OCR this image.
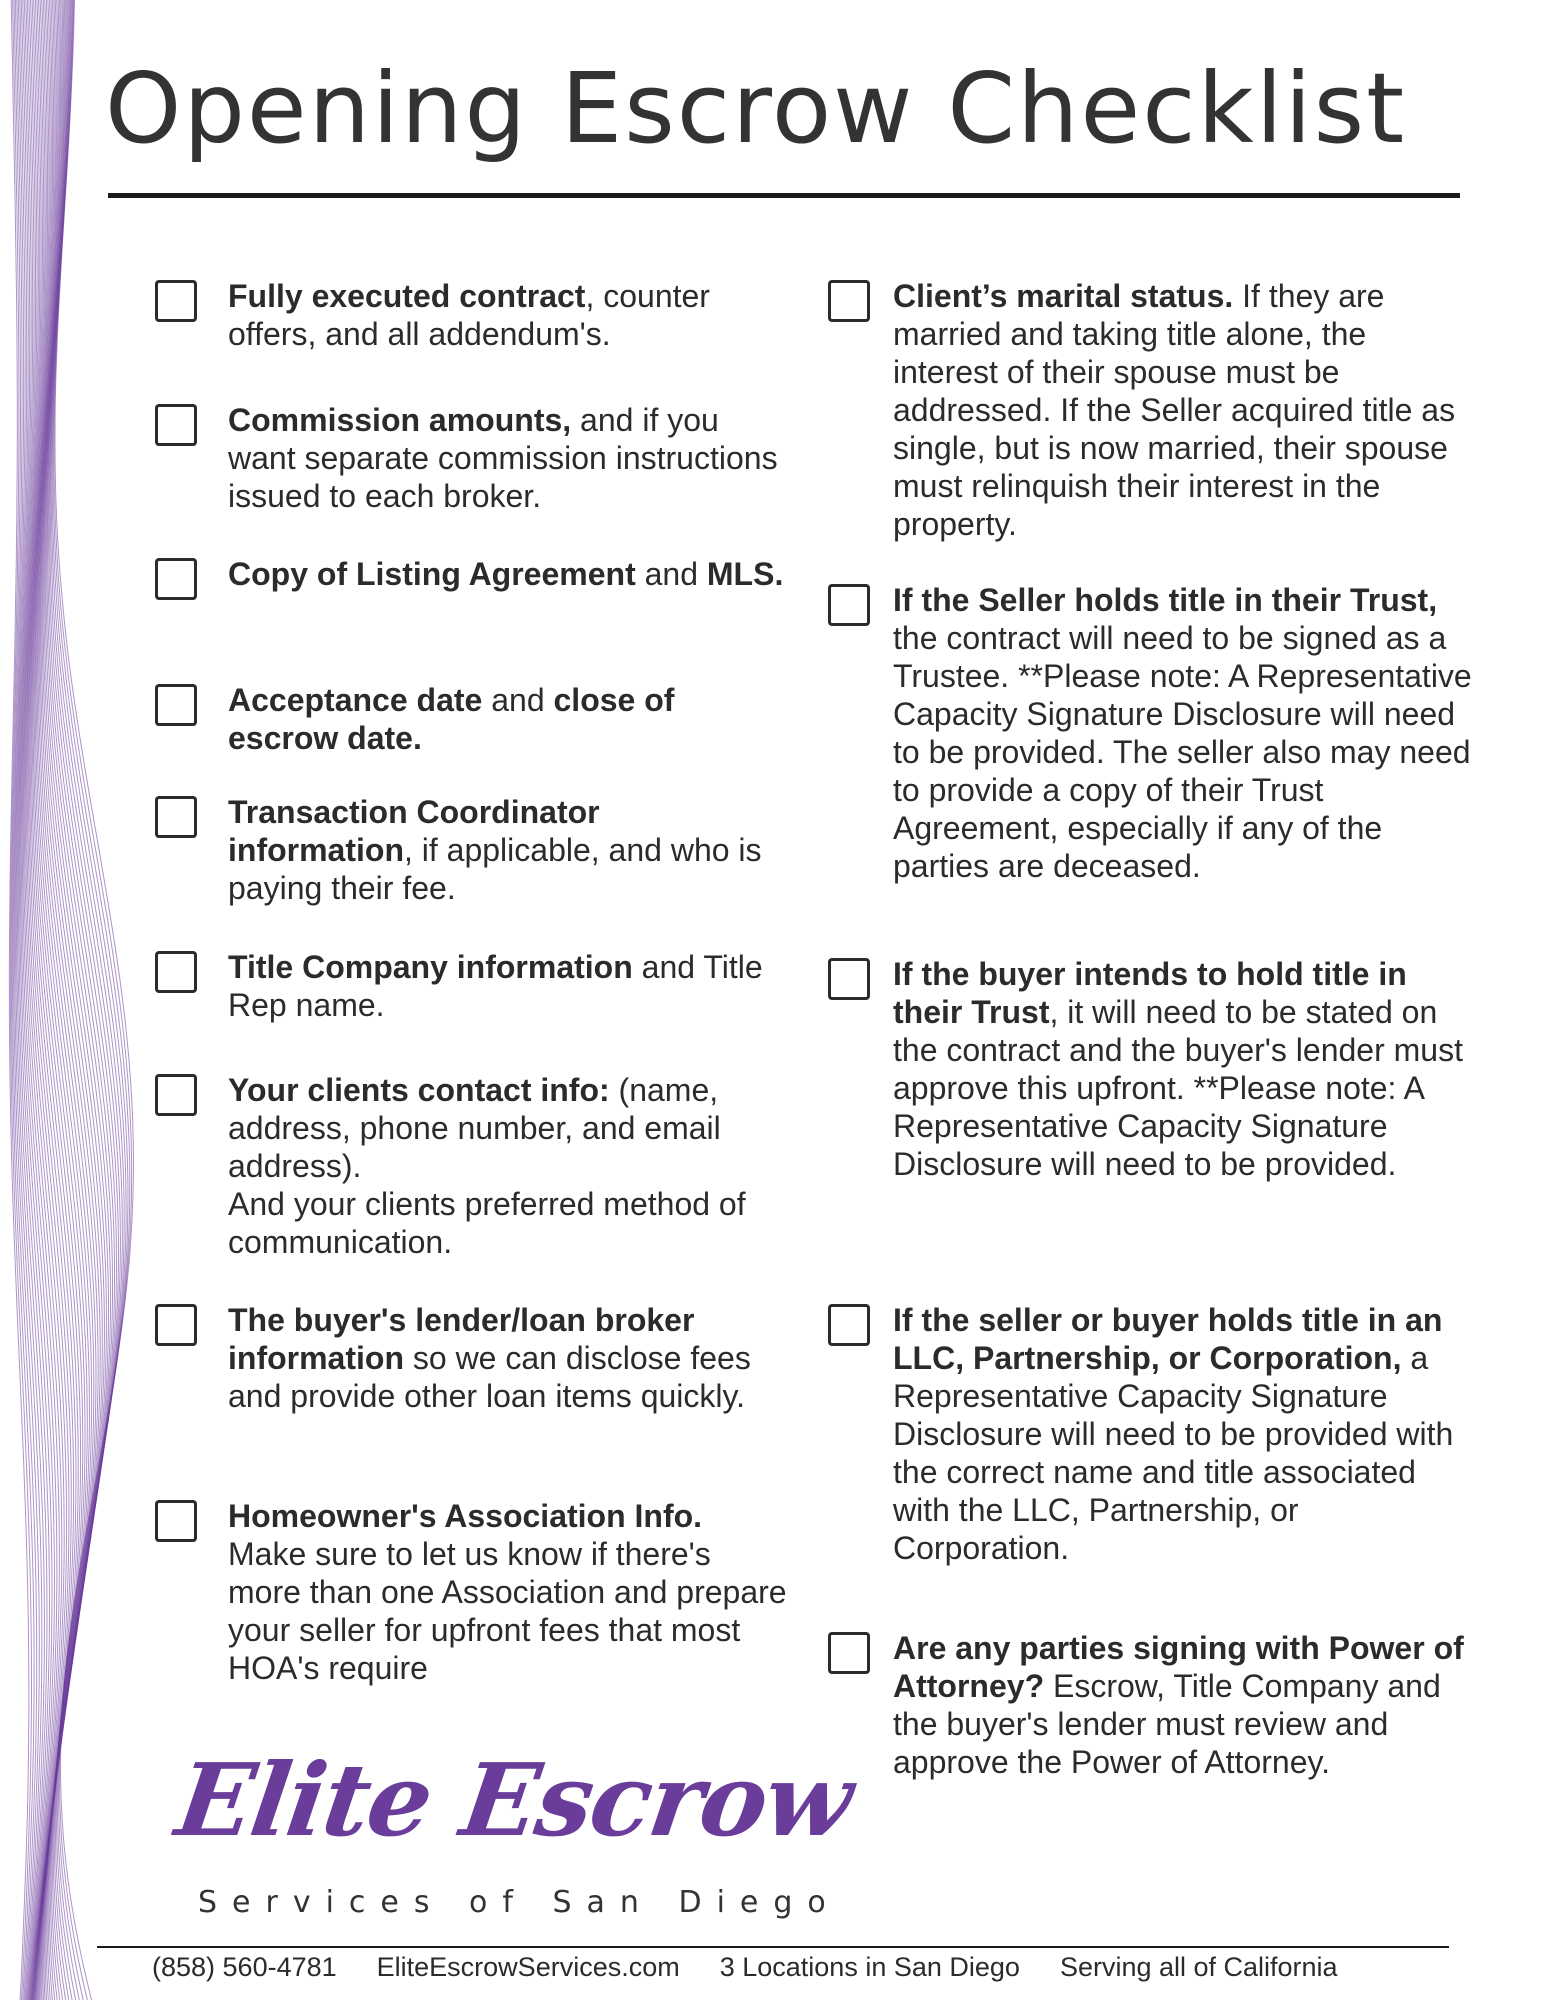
Opening Escrow Checklist

Fully executed contract, counter offers, and all addendum's.

Commission amounts, and if you want separate commission instructions issued to each broker.

Copy of Listing Agreement and MLS.

Acceptance date and close of escrow date.

Transaction Coordinator information, if applicable, and who is paying their fee.

Title Company information and Title Rep name.

Your clients contact info: (name, address, phone number, and email address).
And your clients preferred method of communication.

The buyer's lender/loan broker information so we can disclose fees and provide other loan items quickly.

Homeowner's Association Info. Make sure to let us know if there's more than one Association and prepare your seller for upfront fees that most HOA's require

Client’s marital status. If they are married and taking title alone, the interest of their spouse must be addressed. If the Seller acquired title as single, but is now married, their spouse must relinquish their interest in the property.

If the Seller holds title in their Trust, the contract will need to be signed as a Trustee. **Please note: A Representative Capacity Signature Disclosure will need to be provided. The seller also may need to provide a copy of their Trust Agreement, especially if any of the parties are deceased.

If the buyer intends to hold title in their Trust, it will need to be stated on the contract and the buyer's lender must approve this upfront. **Please note: A Representative Capacity Signature Disclosure will need to be provided.

If the seller or buyer holds title in an LLC, Partnership, or Corporation, a Representative Capacity Signature Disclosure will need to be provided with the correct name and title associated with the LLC, Partnership, or Corporation.

Are any parties signing with Power of Attorney? Escrow, Title Company and the buyer's lender must review and approve the Power of Attorney.

Elite Escrow

Services of San Diego

(858) 560-4781 EliteEscrowServices.com 3 Locations in San Diego Serving all of California
